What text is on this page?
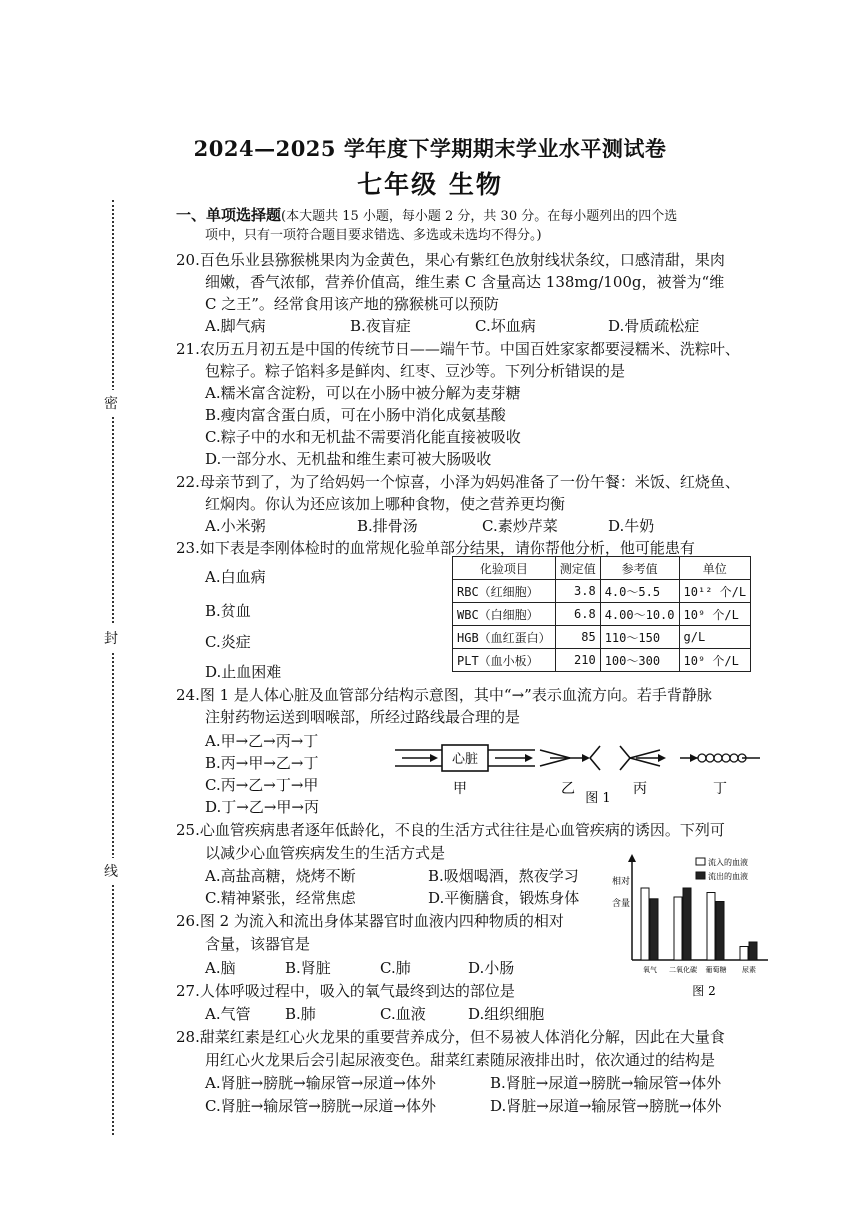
2024—2025 学年度下学期期末学业水平测试卷
七年级 生物
密
封
线
一、单项选择题(本大题共 15 小题，每小题 2 分，共 30 分。在每小题列出的四个选
项中，只有一项符合题目要求错选、多选或未选均不得分。)
20.百色乐业县猕猴桃果肉为金黄色，果心有紫红色放射线状条纹，口感清甜，果肉
细嫩，香气浓郁，营养价值高，维生素 C 含量高达 138mg/100g，被誉为“维
C 之王”。经常食用该产地的猕猴桃可以预防
A.脚气病	B.夜盲症	C.坏血病	D.骨质疏松症
21.农历五月初五是中国的传统节日——端午节。中国百姓家家都要浸糯米、洗粽叶、
包粽子。粽子馅料多是鲜肉、红枣、豆沙等。下列分析错误的是
A.糯米富含淀粉，可以在小肠中被分解为麦芽糖
B.瘦肉富含蛋白质，可在小肠中消化成氨基酸
C.粽子中的水和无机盐不需要消化能直接被吸收
D.一部分水、无机盐和维生素可被大肠吸收
22.母亲节到了，为了给妈妈一个惊喜，小泽为妈妈准备了一份午餐：米饭、红烧鱼、
红焖肉。你认为还应该加上哪种食物，使之营养更均衡
A.小米粥	B.排骨汤	C.素炒芹菜	D.牛奶
23.如下表是李刚体检时的血常规化验单部分结果，请你帮他分析，他可能患有
A.白血病
B.贫血
C.炎症
D.止血困难
化验项目	测定值	参考值	单位
RBC（红细胞）	3.8	4.0～5.5	10¹² 个/L
WBC（白细胞）	6.8	4.00～10.0	10⁹ 个/L
HGB（血红蛋白）	85	110～150	g/L
PLT（血小板）	210	100～300	10⁹ 个/L
24.图 1 是人体心脏及血管部分结构示意图，其中“→”表示血流方向。若手背静脉
注射药物运送到咽喉部，所经过路线最合理的是
A.甲→乙→丙→丁
B.丙→甲→乙→丁
C.丙→乙→丁→甲
D.丁→乙→甲→丙
心脏
甲	乙	丙	丁
图 1
25.心血管疾病患者逐年低龄化，不良的生活方式往往是心血管疾病的诱因。下列可
以减少心血管疾病发生的生活方式是
A.高盐高糖，烧烤不断	B.吸烟喝酒，熬夜学习
C.精神紧张，经常焦虑	D.平衡膳食，锻炼身体
26.图 2 为流入和流出身体某器官时血液内四种物质的相对
含量，该器官是
A.脑	B.肾脏	C.肺	D.小肠
相对含量
流入的血液
流出的血液
氧气 二氧化碳 葡萄糖 尿素
图 2
27.人体呼吸过程中，吸入的氧气最终到达的部位是
A.气管 B.肺	C.血液	D.组织细胞
28.甜菜红素是红心火龙果的重要营养成分，但不易被人体消化分解，因此在大量食
用红心火龙果后会引起尿液变色。甜菜红素随尿液排出时，依次通过的结构是
A.肾脏→膀胱→输尿管→尿道→体外	B.肾脏→尿道→膀胱→输尿管→体外
C.肾脏→输尿管→膀胱→尿道→体外	D.肾脏→尿道→输尿管→膀胱→体外
